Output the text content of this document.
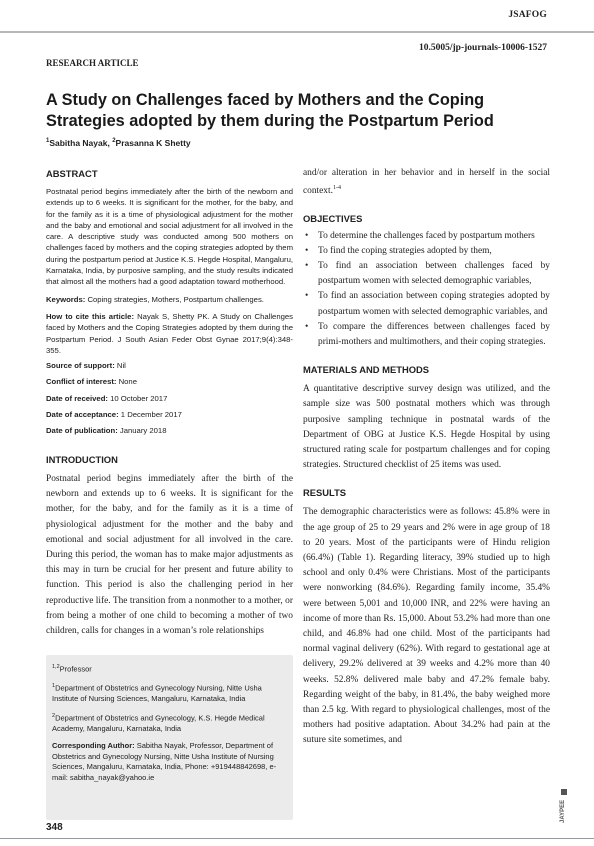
JSAFOG
10.5005/jp-journals-10006-1527
RESEARCH ARTICLE
A Study on Challenges faced by Mothers and the Coping Strategies adopted by them during the Postpartum Period
$^1$Sabitha Nayak, $^2$Prasanna K Shetty

ABSTRACT

Postnatal period begins immediately after the birth of the newborn and extends up to 6 weeks. It is significant for the mother, for the baby, and for the family as it is a time of physiological adjustment for the mother and the baby and emotional and social adjustment for all involved in the care. A descriptive study was conducted among 500 mothers on challenges faced by mothers and the coping strategies adopted by them during the postpartum period at Justice K.S. Hegde Hospital, Mangaluru, Karnataka, India, by purposive sampling, and the study results indicated that almost all the mothers had a good adaptation toward motherhood.

Keywords: Coping strategies, Mothers, Postpartum challenges.

How to cite this article: Nayak S, Shetty PK. A Study on Challenges faced by Mothers and the Coping Strategies adopted by them during the Postpartum Period. J South Asian Feder Obst Gynae 2017;9(4):348-355.

Source of support: Nil

Conflict of interest: None

Date of received: 10 October 2017

Date of acceptance: 1 December 2017

Date of publication: January 2018

INTRODUCTION

Postnatal period begins immediately after the birth of the newborn and extends up to 6 weeks. It is significant for the mother, for the baby, and for the family as it is a time of physiological adjustment for the mother and the baby and emotional and social adjustment for all involved in the care. During this period, the woman has to make major adjustments as this may in turn be crucial for her present and future ability to function. This period is also the challenging period in her reproductive life. The transition from a nonmother to a mother, or from being a mother of one child to becoming a mother of two children, calls for changes in a woman’s role relationships

$^{1,2}$Professor

$^1$Department of Obstetrics and Gynecology Nursing, Nitte Usha Institute of Nursing Sciences, Mangaluru, Karnataka, India

$^2$Department of Obstetrics and Gynecology, K.S. Hegde Medical Academy, Mangaluru, Karnataka, India

Corresponding Author: Sabitha Nayak, Professor, Department of Obstetrics and Gynecology Nursing, Nitte Usha Institute of Nursing Sciences, Mangaluru, Karnataka, India, Phone: +919448842698, e-mail: sabitha_nayak@yahoo.ie

and/or alteration in her behavior and in herself in the social context.$^{1-4}$

OBJECTIVES

• To determine the challenges faced by postpartum mothers
• To find the coping strategies adopted by them,
• To find an association between challenges faced by postpartum women with selected demographic variables,
• To find an association between coping strategies adopted by postpartum women with selected demographic variables, and
• To compare the differences between challenges faced by primi-mothers and multimothers, and their coping strategies.

MATERIALS AND METHODS

A quantitative descriptive survey design was utilized, and the sample size was 500 postnatal mothers which was through purposive sampling technique in postnatal wards of the Department of OBG at Justice K.S. Hegde Hospital by using structured rating scale for postpartum challenges and for coping strategies. Structured checklist of 25 items was used.

RESULTS

The demographic characteristics were as follows: 45.8% were in the age group of 25 to 29 years and 2% were in age group of 18 to 20 years. Most of the participants were of Hindu religion (66.4%) (Table 1). Regarding literacy, 39% studied up to high school and only 0.4% were Christians. Most of the participants were nonworking (84.6%). Regarding family income, 35.4% were between 5,001 and 10,000 INR, and 22% were having an income of more than Rs. 15,000. About 53.2% had more than one child, and 46.8% had one child. Most of the participants had normal vaginal delivery (62%). With regard to gestational age at delivery, 29.2% delivered at 39 weeks and 4.2% more than 40 weeks. 52.8% delivered male baby and 47.2% female baby. Regarding weight of the baby, in 81.4%, the baby weighed more than 2.5 kg. With regard to physiological challenges, most of the mothers had positive adaptation. About 34.2% had pain at the suture site sometimes, and

348
JAYPEE
